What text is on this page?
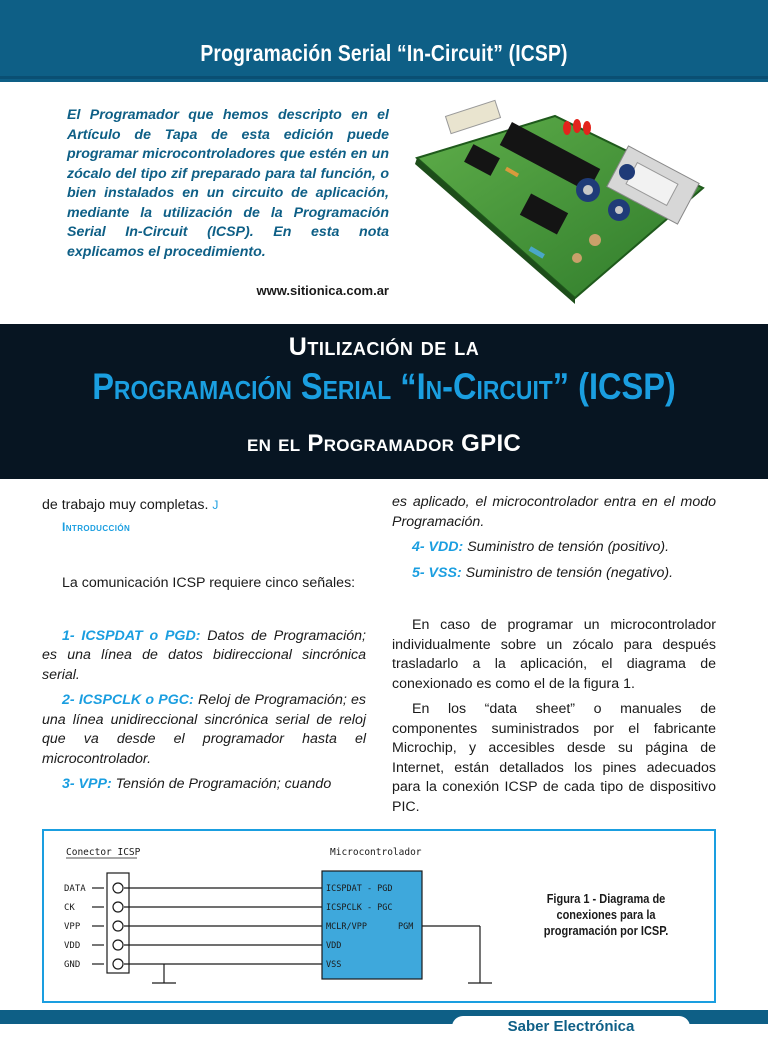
Programación Serial “In-Circuit” (ICSP)
El Programador que hemos descripto en el Artículo de Tapa de esta edición puede programar microcontroladores que estén en un zócalo del tipo zif preparado para tal función, o bien instalados en un circuito de aplicación, mediante la utilización de la Programación Serial In-Circuit (ICSP). En esta nota explicamos el procedimiento.
www.sitionica.com.ar
Utilización de la
Programación Serial “In-Circuit” (ICSP)
en el Programador GPIC

de trabajo muy completas. J

Introducción

La comunicación ICSP requiere cinco señales:

1- ICSPDAT o PGD: Datos de Programación; es una línea de datos bidireccional sincrónica serial.

2- ICSPCLK o PGC: Reloj de Programación; es una línea unidireccional sincrónica serial de reloj que va desde el programador hasta el microcontrolador.

3- VPP: Tensión de Programación; cuando

es aplicado, el microcontrolador entra en el modo Programación.

4- VDD: Suministro de tensión (positivo).

5- VSS: Suministro de tensión (negativo).

En caso de programar un microcontrolador individualmente sobre un zócalo para después trasladarlo a la aplicación, el diagrama de conexionado es como el de la figura 1.

En los “data sheet” o manuales de componentes suministrados por el fabricante Microchip, y accesibles desde su página de Internet, están detallados los pines adecuados para la conexión ICSP de cada tipo de dispositivo PIC.

Conector ICSP	Microcontrolador
DATA
CK
VPP
VDD
GND
ICSPDAT - PGD
ICSPCLK - PGC
MCLR/VPP
VDD
VSS
PGM
Figura 1 - Diagrama de conexiones para la programación por ICSP.
Saber Electrónica
